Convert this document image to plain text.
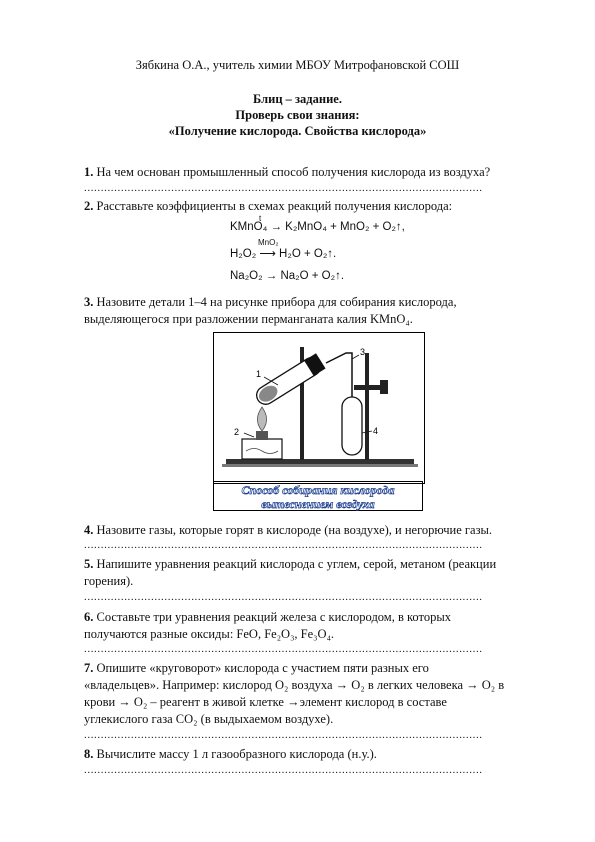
Зябкина О.А., учитель химии МБОУ Митрофановской СОШ
Блиц – задание.
Проверь свои знания:
«Получение кислорода. Свойства кислорода»
1. На чем основан промышленный способ получения кислорода из воздуха?
.......................................................................................................................
2. Расставьте коэффициенты в схемах реакций получения кислорода:
t
KMnO₄ → K₂MnO₄ + MnO₂ + O₂↑,
MnO₂
H₂O₂ ⟶ H₂O + O₂↑.
Na₂O₂ → Na₂O + O₂↑.
3. Назовите детали 1–4 на рисунке прибора для собирания кислорода,
выделяющегося при разложении перманганата калия KMnO₄.
1
2
3
4
Способ собирания кислорода
вытеснением воздуха
4. Назовите газы, которые горят в кислороде (на воздухе), и негорючие газы.
.......................................................................................................................
5. Напишите уравнения реакций кислорода с углем, серой, метаном (реакции
горения).
.......................................................................................................................
6. Составьте три уравнения реакций железа с кислородом, в которых
получаются разные оксиды: FeO, Fe₂O₃, Fe₃O₄.
.......................................................................................................................
7. Опишите «круговорот» кислорода с участием пяти разных его
«владельцев». Например: кислород O₂ воздуха → O₂ в легких человека → O₂ в
крови → O₂ – реагент в живой клетке →элемент кислород в составе
углекислого газа CO₂ (в выдыхаемом воздухе).
.......................................................................................................................
8. Вычислите массу 1 л газообразного кислорода (н.у.).
.......................................................................................................................
